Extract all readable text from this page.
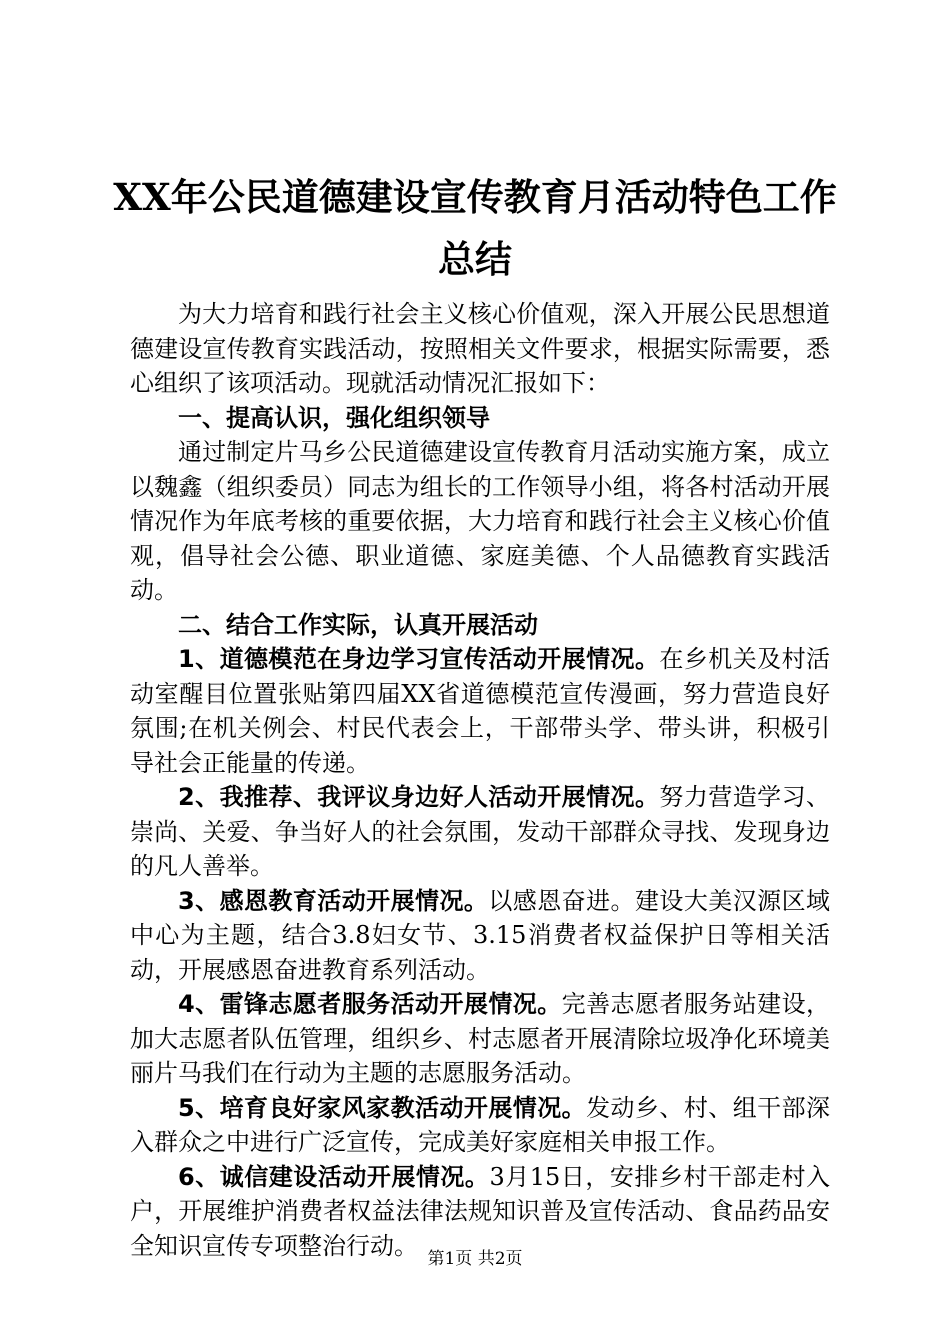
XX年公民道德建设宣传教育月活动特色工作
总结

为大力培育和践行社会主义核心价值观，深入开展公民思想道德建设宣传教育实践活动，按照相关文件要求，根据实际需要，悉心组织了该项活动。现就活动情况汇报如下：

一、提高认识，强化组织领导

通过制定片马乡公民道德建设宣传教育月活动实施方案，成立以魏鑫（组织委员）同志为组长的工作领导小组，将各村活动开展情况作为年底考核的重要依据，大力培育和践行社会主义核心价值观，倡导社会公德、职业道德、家庭美德、个人品德教育实践活动。

二、结合工作实际，认真开展活动

1、道德模范在身边学习宣传活动开展情况。在乡机关及村活动室醒目位置张贴第四届XX省道德模范宣传漫画，努力营造良好氛围;在机关例会、村民代表会上，干部带头学、带头讲，积极引导社会正能量的传递。

2、我推荐、我评议身边好人活动开展情况。努力营造学习、崇尚、关爱、争当好人的社会氛围，发动干部群众寻找、发现身边的凡人善举。

3、感恩教育活动开展情况。以感恩奋进。建设大美汉源区域中心为主题，结合3.8妇女节、3.15消费者权益保护日等相关活动，开展感恩奋进教育系列活动。

4、雷锋志愿者服务活动开展情况。完善志愿者服务站建设，加大志愿者队伍管理，组织乡、村志愿者开展清除垃圾净化环境美丽片马我们在行动为主题的志愿服务活动。

5、培育良好家风家教活动开展情况。发动乡、村、组干部深入群众之中进行广泛宣传，完成美好家庭相关申报工作。

6、诚信建设活动开展情况。3月15日，安排乡村干部走村入户，开展维护消费者权益法律法规知识普及宣传活动、食品药品安全知识宣传专项整治行动。 第1页 共2页
